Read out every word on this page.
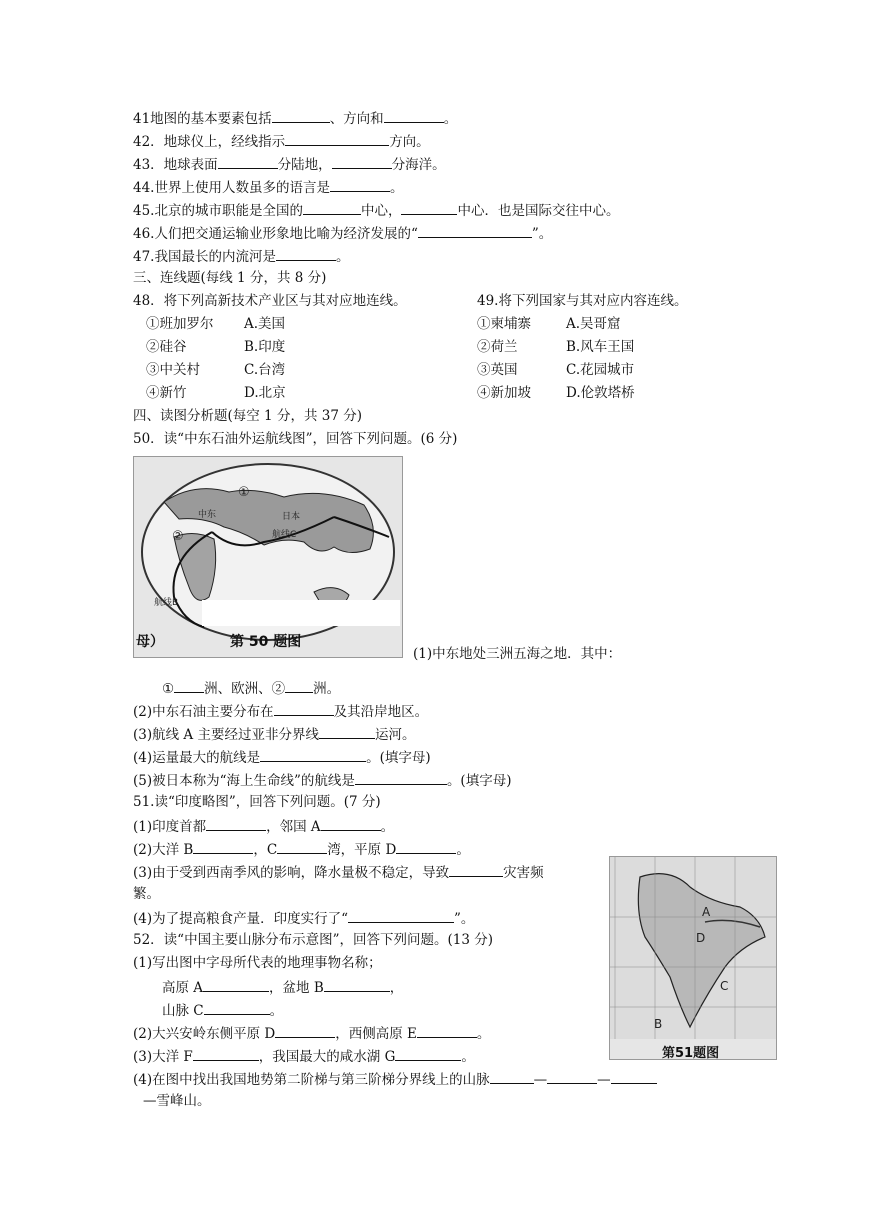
41地图的基本要素包括	、方向和	。
42．地球仪上，经线指示	方向。
43．地球表面	分陆地，	分海洋。
44.世界上使用人数虽多的语言是	。
45.北京的城市职能是全国的	中心，	中心．也是国际交往中心。
46.人们把交通运输业形象地比喻为经济发展的“	”。
47.我国最长的内流河是	。
三、连线题(每线 1 分，共 8 分)
48．将下列高新技术产业区与其对应地连线。	49.将下列国家与其对应内容连线。
①班加罗尔 A.美国	①柬埔寨	A.吴哥窟
②硅谷	B.印度	②荷兰	B.风车王国
③中关村	C.台湾	③英国	C.花园城市
④新竹	D.北京	④新加坡	D.伦敦塔桥
四、读图分析题(每空 1 分，共 37 分)
50．读“中东石油外运航线图”，回答下列问题。(6 分)
①
②
中东	日本
航线C
航线B
母）	第 50 题图
(1)中东地处三洲五海之地．其中：
① 洲、欧洲、② 洲。
(2)中东石油主要分布在	及其沿岸地区。
(3)航线 A 主要经过亚非分界线	运河。
(4)运量最大的航线是	。(填字母)
(5)被日本称为“海上生命线”的航线是	。(填字母)
51.读“印度略图”，回答下列问题。(7 分)
(1)印度首都	，邻国 A	。
(2)大洋 B	，C	湾，平原 D	。
(3)由于受到西南季风的影响，降水量极不稳定，导致	灾害频
繁。
(4)为了提高粮食产量．印度实行了“	”。	A
D
C
B
第51题图
52．读“中国主要山脉分布示意图”，回答下列问题。(13 分)
(1)写出图中字母所代表的地理事物名称；
高原 A	，盆地 B	，
山脉 C	。
(2)大兴安岭东侧平原 D	，西侧高原 E	。
(3)大洋 F	，我国最大的咸水湖 G	。
(4)在图中找出我国地势第二阶梯与第三阶梯分界线上的山脉	—	—
—雪峰山。
